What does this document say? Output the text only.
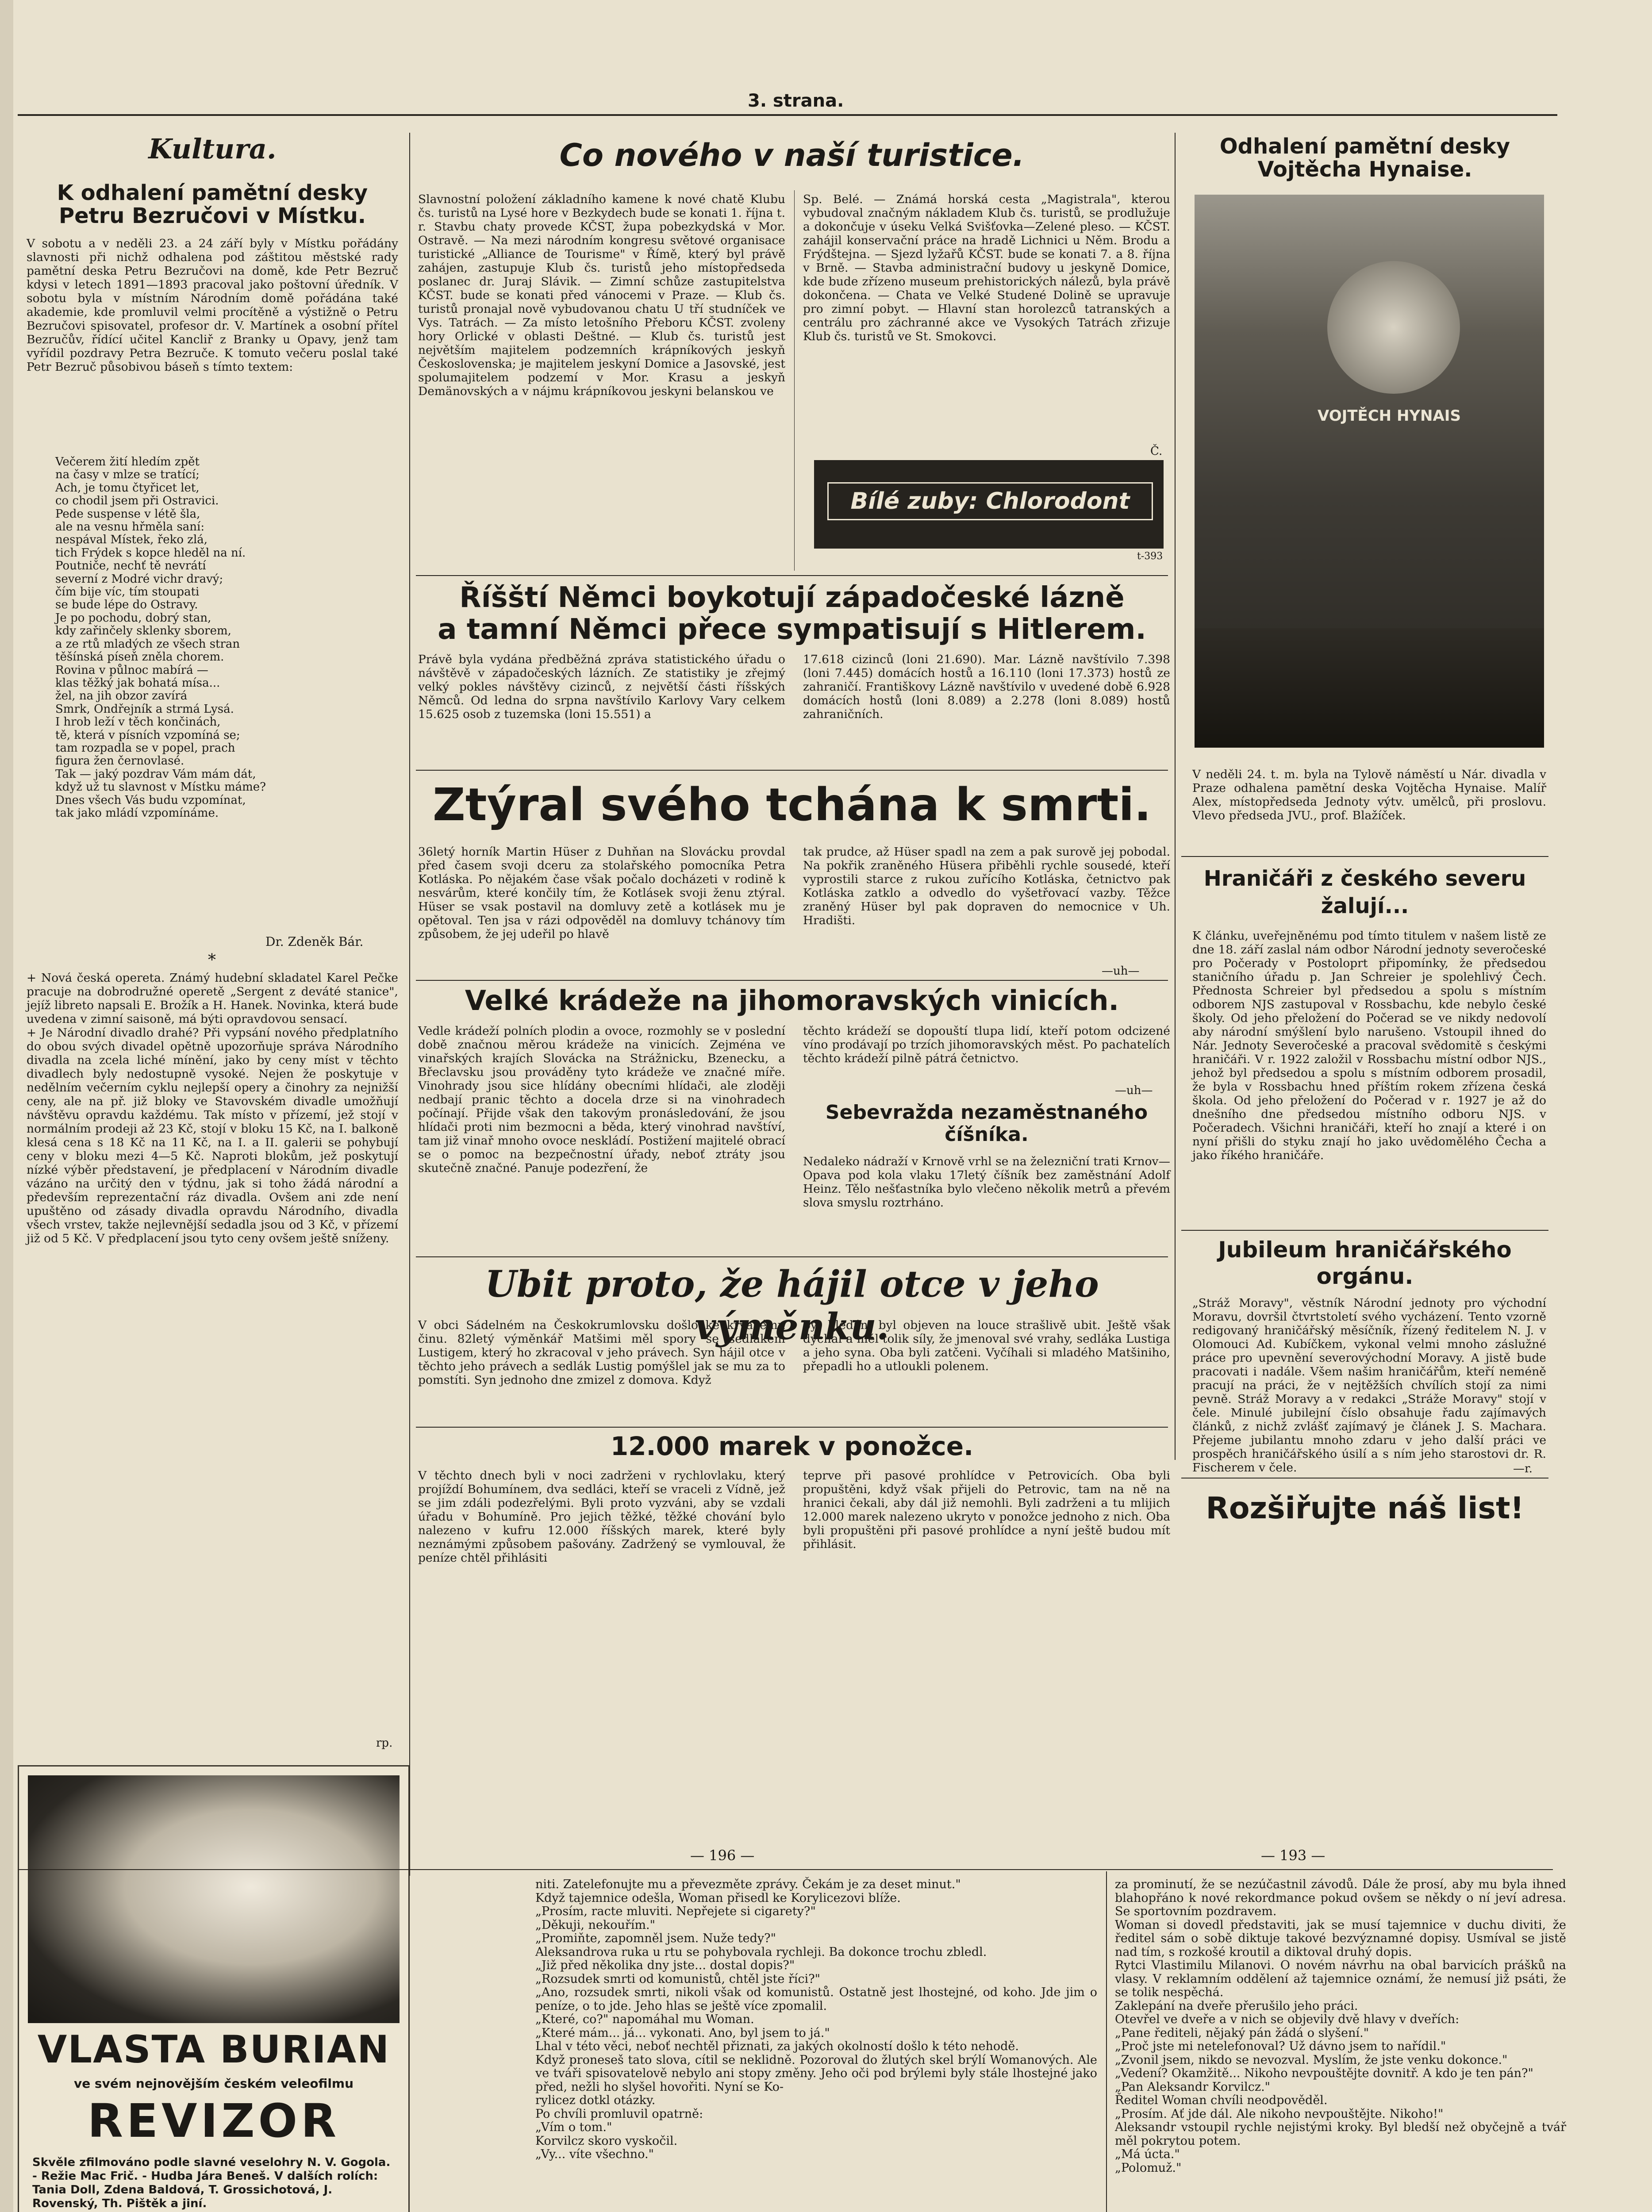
3. strana.
Kultura.
K odhalení pamětní desky
Petru Bezručovi v Místku.
V sobotu a v neděli 23. a 24 září byly v Místku pořádány slavnosti při nichž odhalena pod záštitou městské rady pamětní deska Petru Bezručovi na domě, kde Petr Bezruč kdysi v letech 1891—1893 pracoval jako poštovní úředník. V sobotu byla v místním Národním domě pořádána také akademie, kde promluvil velmi procítěně a výstižně o Petru Bezručovi spisovatel, profesor dr. V. Martínek a osobní přítel Bezručův, řídící učitel Kancliř z Branky u Opavy, jenž tam vyřídil pozdravy Petra Bezruče. K tomuto večeru poslal také Petr Bezruč působivou báseň s tímto textem:
Večerem žití hledím zpět
na časy v mlze se tratící;
Ach, je tomu čtyřicet let,
co chodil jsem při Ostravici.
Pede suspense v létě šla,
ale na vesnu hřměla saní:
nespával Místek, řeko zlá,
tich Frýdek s kopce hleděl na ní.
Poutniče, nechť tě nevrátí
severní z Modré vichr dravý;
čím bije víc, tím stoupati
se bude lépe do Ostravy.
Je po pochodu, dobrý stan,
kdy zařinčely sklenky sborem,
a ze rtů mladých ze všech stran
těšínská píseň zněla chorem.
Rovina v půlnoc mabírá —
klas těžký jak bohatá mísa...
žel, na jih obzor zavírá
Smrk, Ondřejník a strmá Lysá.
I hrob leží v těch končinách,
tě, která v písních vzpomíná se;
tam rozpadla se v popel, prach
figura žen černovlasé.
Tak — jaký pozdrav Vám mám dát,
když už tu slavnost v Místku máme?
Dnes všech Vás budu vzpomínat,
tak jako mládí vzpomínáme.
Dr. Zdeněk Bár.
*
+ Nová česká opereta. Známý hudební skladatel Karel Pečke pracuje na dobrodružné operetě „Sergent z deváté stanice", jejíž libreto napsali E. Brožík a H. Hanek. Novinka, která bude uvedena v zimní saisoně, má býti opravdovou sensací.
+ Je Národní divadlo drahé? Při vypsání nového předplatního do obou svých divadel opětně upozorňuje správa Národního divadla na zcela liché mínění, jako by ceny míst v těchto divadlech byly nedostupně vysoké. Nejen že poskytuje v nedělním večerním cyklu nejlepší opery a činohry za nejnižší ceny, ale na př. již bloky ve Stavovském divadle umožňují návštěvu opravdu každému. Tak místo v přízemí, jež stojí v normálním prodeji až 23 Kč, stojí v bloku 15 Kč, na I. balkoně klesá cena s 18 Kč na 11 Kč, na I. a II. galerii se pohybují ceny v bloku mezi 4—5 Kč. Naproti blokům, jež poskytují nízké výběr představení, je předplacení v Národním divadle vázáno na určitý den v týdnu, jak si toho žádá národní a především reprezentační ráz divadla. Ovšem ani zde není upuštěno od zásady divadla opravdu Národního, divadla všech vrstev, takže nejlevnější sedadla jsou od 3 Kč, v přízemí již od 5 Kč. V předplacení jsou tyto ceny ovšem ještě sníženy.
rp.
VLASTA BURIAN
ve svém nejnovějším českém veleofilmu
REVIZOR
Skvěle zfilmováno podle slavné veselohry N. V. Gogola. - Režie Mac Frič. - Hudba Jára Beneš. V dalších rolích: Tania Doll, Zdena Baldová, T. Grossichotová, J. Rovenský, Th. Pištěk a jiní.
Co nového v naší turistice.
Slavnostní položení základního kamene k nové chatě Klubu čs. turistů na Lysé hore v Bezkydech bude se konati 1. října t. r. Stavbu chaty provede KČST, župa pobezkydská v Mor. Ostravě. — Na mezi národním kongresu světové organisace turistické „Alliance de Tourisme" v Římě, který byl právě zahájen, zastupuje Klub čs. turistů jeho místopředseda poslanec dr. Juraj Slávik. — Zimní schůze zastupitelstva KČST. bude se konati před vánocemi v Praze. — Klub čs. turistů pronajal nově vybudovanou chatu U tří studníček ve Vys. Tatrách. — Za místo letošního Přeboru KČST. zvoleny hory Orlické v oblasti Deštné. — Klub čs. turistů jest největším majitelem podzemních krápníkových jeskyň Československa; je majitelem jeskyní Domice a Jasovské, jest spolumajitelem podzemí v Mor. Krasu a jeskyň Demänovských a v nájmu krápníkovou jeskyni belanskou ve
Sp. Belé. — Známá horská cesta „Magistrala", kterou vybudoval značným nákladem Klub čs. turistů, se prodlužuje a dokončuje v úseku Velká Svišťovka—Zelené pleso. — KČST. zahájil konservační práce na hradě Lichnici u Něm. Brodu a Frýdštejna. — Sjezd lyžařů KČST. bude se konati 7. a 8. října v Brně. — Stavba administrační budovy u jeskyně Domice, kde bude zřízeno museum prehistorických nálezů, byla právě dokončena. — Chata ve Velké Studené Dolině se upravuje pro zimní pobyt. — Hlavní stan horolezců tatranských a centrálu pro záchranné akce ve Vysokých Tatrách zřizuje Klub čs. turistů ve St. Smokovci.
Č.
Bílé zuby: Chlorodont
t-393
Říšští Němci boykotují západočeské lázně
a tamní Němci přece sympatisují s Hitlerem.
Právě byla vydána předběžná zpráva statistického úřadu o návštěvě v západočeských lázních. Ze statistiky je zřejmý velký pokles návštěvy cizinců, z největší části říšských Němců. Od ledna do srpna navštívilo Karlovy Vary celkem 15.625 osob z tuzemska (loni 15.551) a
17.618 cizinců (loni 21.690). Mar. Lázně navštívilo 7.398 (loni 7.445) domácích hostů a 16.110 (loni 17.373) hostů ze zahraničí. Františkovy Lázně navštívilo v uvedené době 6.928 domácích hostů (loni 8.089) a 2.278 (loni 8.089) hostů zahraničních.
Ztýral svého tchána k smrti.
36letý horník Martin Hüser z Duhňan na Slovácku provdal před časem svoji dceru za stolařského pomocníka Petra Kotláska. Po nějakém čase však počalo docházeti v rodině k nesvárům, které končily tím, že Kotlásek svoji ženu ztýral. Hüser se vsak postavil na domluvy zetě a kotlásek mu je opětoval. Ten jsa v rázi odpověděl na domluvy tchánovy tím způsobem, že jej udeřil po hlavě
tak prudce, až Hüser spadl na zem a pak surově jej pobodal. Na pokřik zraněného Hüsera přiběhli rychle sousedé, kteří vyprostili starce z rukou zuřícího Kotláska, četnictvo pak Kotláska zatklo a odvedlo do vyšetřovací vazby. Těžce zraněný Hüser byl pak dopraven do nemocnice v Uh. Hradišti.
—uh—
Velké krádeže na jihomoravských vinicích.
Vedle krádeží polních plodin a ovoce, rozmohly se v poslední době značnou měrou krádeže na vinicích. Zejména ve vinařských krajích Slovácka na Strážnicku, Bzenecku, a Břeclavsku jsou prováděny tyto krádeže ve značné míře. Vinohrady jsou sice hlídány obecními hlídači, ale zloději nedbají pranic těchto a docela drze si na vinohradech počínají. Přijde však den takovým pronásledování, že jsou hlídači proti nim bezmocni a běda, který vinohrad navštíví, tam již vinař mnoho ovoce neskládí. Postižení majitelé obrací se o pomoc na bezpečnostní úřady, neboť ztráty jsou skutečně značné. Panuje podezření, že
těchto krádeží se dopouští tlupa lidí, kteří potom odcizené víno prodávají po trzích jihomoravských měst. Po pachatelích těchto krádeží pilně pátrá četnictvo.
—uh—
Sebevražda nezaměstnaného
číšníka.
Nedaleko nádraží v Krnově vrhl se na železniční trati Krnov—Opava pod kola vlaku 17letý číšník bez zaměstnání Adolf Heinz. Tělo nešťastníka bylo vlečeno několik metrů a převém slova smyslu roztrháno.
Ubit proto, že hájil otce v jeho výměnku.
V obci Sádelném na Českokrumlovsku došlo ke krvavému činu. 82letý výměnkář Matšimi měl spory se sedlákem Lustigem, který ho zkracoval v jeho právech. Syn hájil otce v těchto jeho právech a sedlák Lustig pomýšlel jak se mu za to pomstíti. Syn jednoho dne zmizel z domova. Když
byl hledán, byl objeven na louce strašlivě ubit. Ještě však dýchal a měl tolik síly, že jmenoval své vrahy, sedláka Lustiga a jeho syna. Oba byli zatčeni. Vyčíhali si mladého Matšiniho, přepadli ho a utloukli polenem.
12.000 marek v ponožce.
V těchto dnech byli v noci zadrženi v rychlovlaku, který projíždí Bohumínem, dva sedláci, kteří se vraceli z Vídně, jež se jim zdáli podezřelými. Byli proto vyzváni, aby se vzdali úřadu v Bohumíně. Pro jejich těžké, těžké chování bylo nalezeno v kufru 12.000 říšských marek, které byly neznámými způsobem pašovány. Zadržený se vymlouval, že peníze chtěl přihlásiti
teprve při pasové prohlídce v Petrovicích. Oba byli propuštěni, když však přijeli do Petrovic, tam na ně na hranici čekali, aby dál již nemohli. Byli zadrženi a tu mlijich 12.000 marek nalezeno ukryto v ponožce jednoho z nich. Oba byli propuštěni při pasové prohlídce a nyní ještě budou mít přihlásit.
Odhalení pamětní desky
Vojtěcha Hynaise.
VOJTĚCH HYNAIS
V neděli 24. t. m. byla na Tylově náměstí u Nár. divadla v Praze odhalena pamětní deska Vojtěcha Hynaise. Malíř Alex, místopředseda Jednoty výtv. umělců, při proslovu. Vlevo předseda JVU., prof. Blažíček.
Hraničáři z českého severu
žalují...
K článku, uveřejněnému pod tímto titulem v našem listě ze dne 18. září zaslal nám odbor Národní jednoty severočeské pro Počerady v Postoloprt připomínky, že předsedou staničního úřadu p. Jan Schreier je spolehlivý Čech. Přednosta Schreier byl předsedou a spolu s místním odborem NJS zastupoval v Rossbachu, kde nebylo české školy. Od jeho přeložení do Počerad se ve nikdy nedovolí aby národní smýšlení bylo narušeno. Vstoupil ihned do Nár. Jednoty Severočeské a pracoval svědomitě s českými hraničáři. V r. 1922 založil v Rossbachu místní odbor NJS., jehož byl předsedou a spolu s místním odborem prosadil, že byla v Rossbachu hned příštím rokem zřízena česká škola. Od jeho přeložení do Počerad v r. 1927 je až do dnešního dne předsedou místního odboru NJS. v Počeradech. Všichni hraničáři, kteří ho znají a které i on nyní přišli do styku znají ho jako uvědomělého Čecha a jako říkého hraničáře.
Jubileum hraničářského
orgánu.
„Stráž Moravy", věstník Národní jednoty pro východní Moravu, dovršil čtvrtstoletí svého vycházení. Tento vzorně redigovaný hraničářský měsíčník, řízený ředitelem N. J. v Olomouci Ad. Kubíčkem, vykonal velmi mnoho záslužné práce pro upevnění severovýchodní Moravy. A jistě bude pracovati i nadále. Všem našim hraničářům, kteří neméně pracují na práci, že v nejtěžších chvílích stojí za nimi pevně. Stráž Moravy a v redakci „Stráže Moravy" stojí v čele. Minulé jubilejní číslo obsahuje řadu zajímavých článků, z nichž zvlášť zajímavý je článek J. S. Machara. Přejeme jubilantu mnoho zdaru v jeho další práci ve prospěch hraničářského úsilí a s ním jeho starostovi dr. R. Fischerem v čele.	—r.
Rozšiřujte náš list!
— 196 —	— 193 —
niti. Zatelefonujte mu a převezměte zprávy. Čekám je za deset minut."
Když tajemnice odešla, Woman přisedl ke Korylicezovi blíže.
„Prosím, racte mluviti. Nepřejete si cigarety?"
„Děkuji, nekouřím."
„Promiňte, zapomněl jsem. Nuže tedy?"
Aleksandrova ruka u rtu se pohybovala rychleji. Ba dokonce trochu zbledl.
„Již před několika dny jste... dostal dopis?"
„Rozsudek smrti od komunistů, chtěl jste říci?"
„Ano, rozsudek smrti, nikoli však od komunistů. Ostatně jest lhostejné, od koho. Jde jim o peníze, o to jde. Jeho hlas se ještě více zpomalil.
„Které, co?" napomáhal mu Woman.
„Které mám... já... vykonati. Ano, byl jsem to já."
Lhal v této věci, neboť nechtěl přiznati, za jakých okolností došlo k této nehodě.
Když proneseš tato slova, cítil se neklidně. Pozoroval do žlutých skel brýlí Womanových. Ale ve tváři spisovatelově nebylo ani stopy změny. Jeho oči pod brýlemi byly stále lhostejné jako před, nežli ho slyšel hovořiti. Nyní se Ko-
rylicez dotkl otázky.
Po chvíli promluvil opatrně:
„Vím o tom."
Korvilcz skoro vyskočil.
„Vy... víte všechno."
za prominutí, že se nezúčastnil závodů. Dále že prosí, aby mu byla ihned blahopřáno k nové rekordmance pokud ovšem se někdy o ní jeví adresa. Se sportovním pozdravem.
Woman si dovedl představiti, jak se musí tajemnice v duchu diviti, že ředitel sám o sobě diktuje takové bezvýznamné dopisy. Usmíval se jistě nad tím, s rozkošé kroutil a diktoval druhý dopis.
Rytci Vlastimilu Milanovi. O novém návrhu na obal barvicích prášků na vlasy. V reklamním oddělení až tajemnice oznámí, že nemusí již psáti, že se tolik nespěchá.
Zaklepání na dveře přerušilo jeho práci.
Otevřel ve dveře a v nich se objevily dvě hlavy v dveřích:
„Pane řediteli, nějaký pán žádá o slyšení."
„Proč jste mi netelefonoval? Už dávno jsem to nařídil."
„Zvonil jsem, nikdo se nevozval. Myslím, že jste venku dokonce."
„Vedení? Okamžitě... Nikoho nevpouštějte dovnitř. A kdo je ten pán?"
„Pan Aleksandr Korvilcz."
Ředitel Woman chvíli neodpověděl.
„Prosím. Ať jde dál. Ale nikoho nevpouštějte. Nikoho!"
Aleksandr vstoupil rychle nejistými kroky. Byl bledší než obyčejně a tvář měl pokrytou potem.
„Má úcta."
„Polomuž."
